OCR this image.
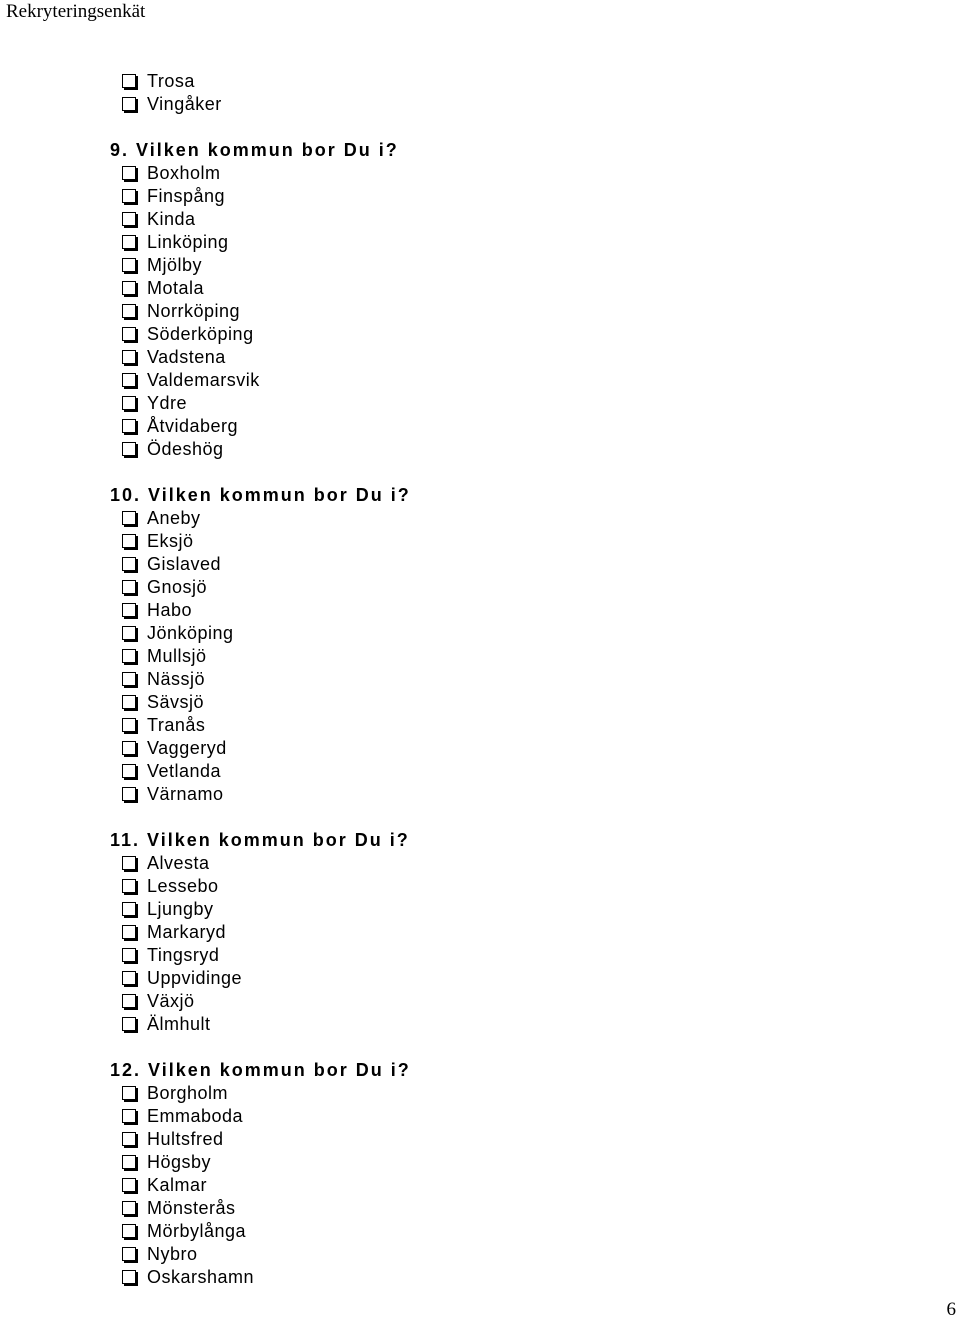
Rekryteringsenkät
Trosa
Vingåker
9. Vilken kommun bor Du i?
Boxholm
Finspång
Kinda
Linköping
Mjölby
Motala
Norrköping
Söderköping
Vadstena
Valdemarsvik
Ydre
Åtvidaberg
Ödeshög
10. Vilken kommun bor Du i?
Aneby
Eksjö
Gislaved
Gnosjö
Habo
Jönköping
Mullsjö
Nässjö
Sävsjö
Tranås
Vaggeryd
Vetlanda
Värnamo
11. Vilken kommun bor Du i?
Alvesta
Lessebo
Ljungby
Markaryd
Tingsryd
Uppvidinge
Växjö
Älmhult
12. Vilken kommun bor Du i?
Borgholm
Emmaboda
Hultsfred
Högsby
Kalmar
Mönsterås
Mörbylånga
Nybro
Oskarshamn
6
